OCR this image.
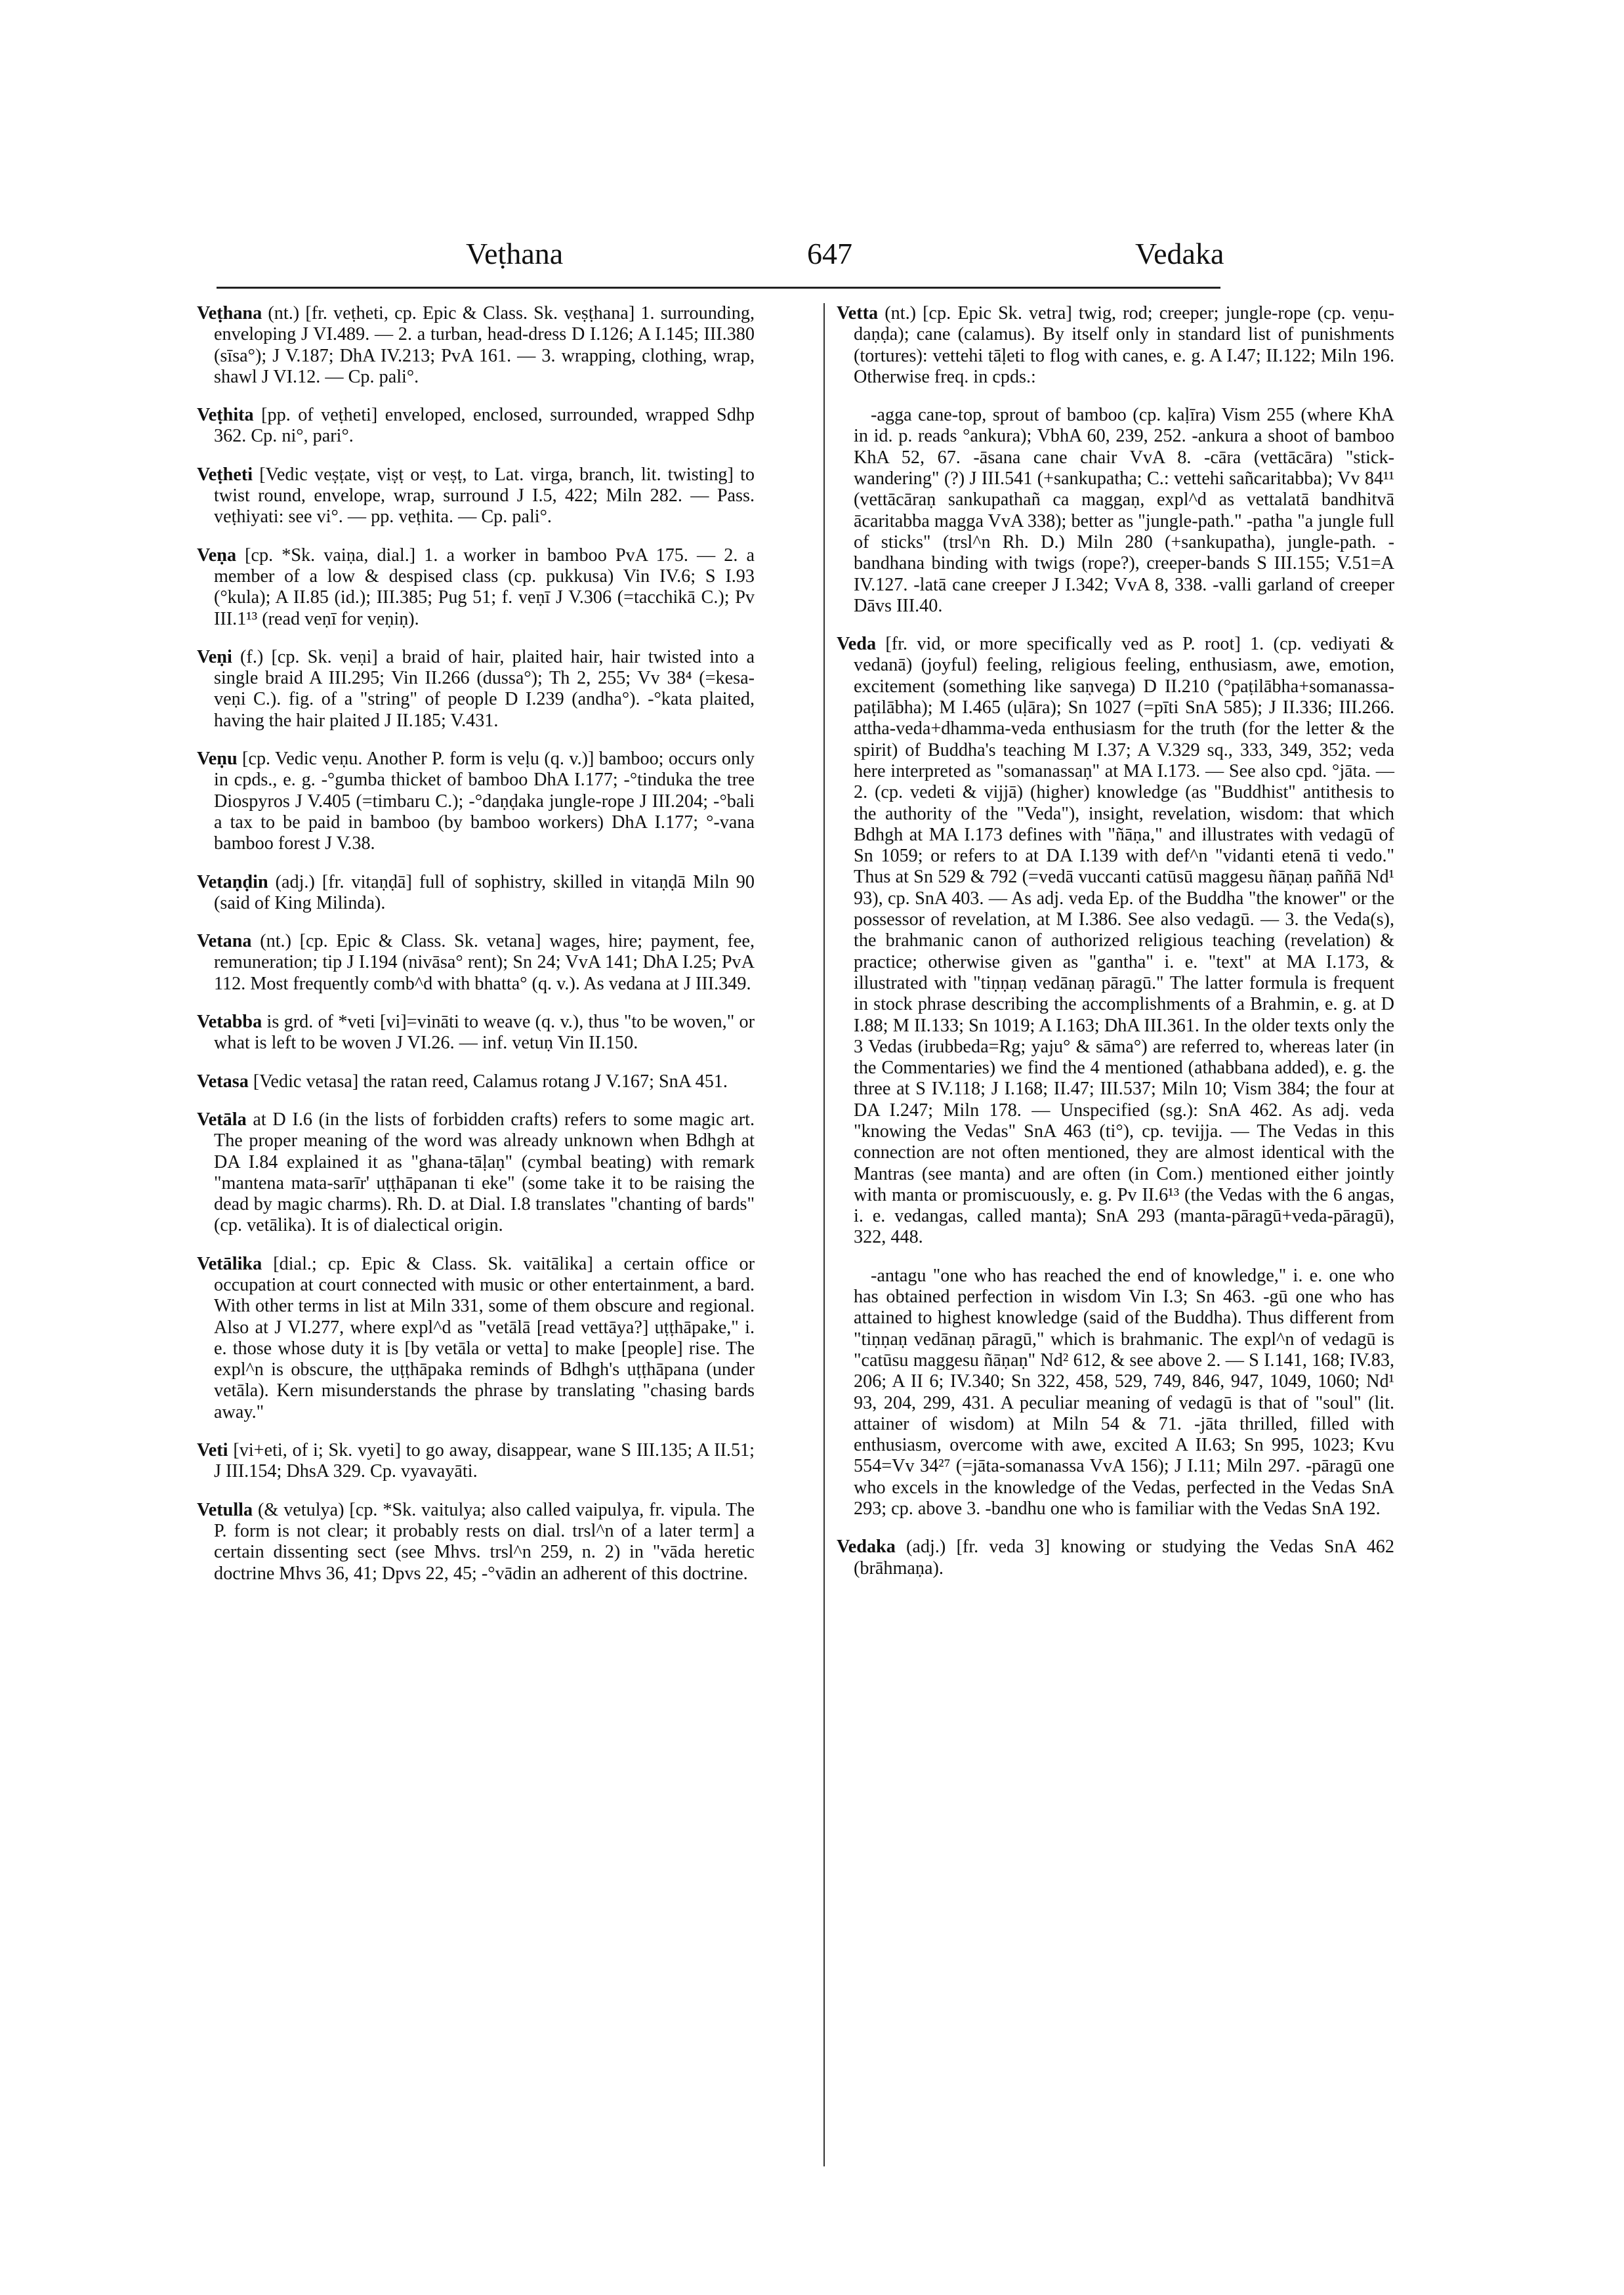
Veṭhana	647	Vedaka

Veṭhana (nt.) [fr. veṭheti, cp. Epic & Class. Sk. veṣṭhana] 1. surrounding, enveloping J VI.489. — 2. a turban, head-dress D I.126; A I.145; III.380 (sīsa°); J V.187; DhA IV.213; PvA 161. — 3. wrapping, clothing, wrap, shawl J VI.12. — Cp. pali°.

Veṭhita [pp. of veṭheti] enveloped, enclosed, surrounded, wrapped Sdhp 362. Cp. ni°, pari°.

Veṭheti [Vedic veṣṭate, viṣṭ or veṣṭ, to Lat. virga, branch, lit. twisting] to twist round, envelope, wrap, surround J I.5, 422; Miln 282. — Pass. veṭhiyati: see vi°. — pp. veṭhita. — Cp. pali°.

Veṇa [cp. *Sk. vaiṇa, dial.] 1. a worker in bamboo PvA 175. — 2. a member of a low & despised class (cp. pukkusa) Vin IV.6; S I.93 (°kula); A II.85 (id.); III.385; Pug 51; f. veṇī J V.306 (=tacchikā C.); Pv III.1¹³ (read veṇī for veṇiṇ).

Veṇi (f.) [cp. Sk. veṇi] a braid of hair, plaited hair, hair twisted into a single braid A III.295; Vin II.266 (dussa°); Th 2, 255; Vv 38⁴ (=kesa-veṇi C.). fig. of a "string" of people D I.239 (andha°). -°kata plaited, having the hair plaited J II.185; V.431.

Veṇu [cp. Vedic veṇu. Another P. form is veḷu (q. v.)] bamboo; occurs only in cpds., e. g. -°gumba thicket of bamboo DhA I.177; -°tinduka the tree Diospyros J V.405 (=timbaru C.); -°daṇḍaka jungle-rope J III.204; -°bali a tax to be paid in bamboo (by bamboo workers) DhA I.177; °-vana bamboo forest J V.38.

Vetaṇḍin (adj.) [fr. vitaṇḍā] full of sophistry, skilled in vitaṇḍā Miln 90 (said of King Milinda).

Vetana (nt.) [cp. Epic & Class. Sk. vetana] wages, hire; payment, fee, remuneration; tip J I.194 (nivāsa° rent); Sn 24; VvA 141; DhA I.25; PvA 112. Most frequently comb^d with bhatta° (q. v.). As vedana at J III.349.

Vetabba is grd. of *veti [vi]=vināti to weave (q. v.), thus "to be woven," or what is left to be woven J VI.26. — inf. vetuṇ Vin II.150.

Vetasa [Vedic vetasa] the ratan reed, Calamus rotang J V.167; SnA 451.

Vetāla at D I.6 (in the lists of forbidden crafts) refers to some magic art. The proper meaning of the word was already unknown when Bdhgh at DA I.84 explained it as "ghana-tāḷaṇ" (cymbal beating) with remark "mantena mata-sarīr' uṭṭhāpanan ti eke" (some take it to be raising the dead by magic charms). Rh. D. at Dial. I.8 translates "chanting of bards" (cp. vetālika). It is of dialectical origin.

Vetālika [dial.; cp. Epic & Class. Sk. vaitālika] a certain office or occupation at court connected with music or other entertainment, a bard. With other terms in list at Miln 331, some of them obscure and regional. Also at J VI.277, where expl^d as "vetālā [read vettāya?] uṭṭhāpake," i. e. those whose duty it is [by vetāla or vetta] to make [people] rise. The expl^n is obscure, the uṭṭhāpaka reminds of Bdhgh's uṭṭhāpana (under vetāla). Kern misunderstands the phrase by translating "chasing bards away."

Veti [vi+eti, of i; Sk. vyeti] to go away, disappear, wane S III.135; A II.51; J III.154; DhsA 329. Cp. vyavayāti.

Vetulla (& vetulya) [cp. *Sk. vaitulya; also called vaipulya, fr. vipula. The P. form is not clear; it probably rests on dial. trsl^n of a later term] a certain dissenting sect (see Mhvs. trsl^n 259, n. 2) in "vāda heretic doctrine Mhvs 36, 41; Dpvs 22, 45; -°vādin an adherent of this doctrine.

Vetta (nt.) [cp. Epic Sk. vetra] twig, rod; creeper; jungle-rope (cp. veṇu-daṇḍa); cane (calamus). By itself only in standard list of punishments (tortures): vettehi tāḷeti to flog with canes, e. g. A I.47; II.122; Miln 196. Otherwise freq. in cpds.:

-agga cane-top, sprout of bamboo (cp. kaḷīra) Vism 255 (where KhA in id. p. reads °ankura); VbhA 60, 239, 252. -ankura a shoot of bamboo KhA 52, 67. -āsana cane chair VvA 8. -cāra (vettācāra) "stick-wandering" (?) J III.541 (+sankupatha; C.: vettehi sañcaritabba); Vv 84¹¹ (vettācāraṇ sankupathañ ca maggaṇ, expl^d as vettalatā bandhitvā ācaritabba magga VvA 338); better as "jungle-path." -patha "a jungle full of sticks" (trsl^n Rh. D.) Miln 280 (+sankupatha), jungle-path. -bandhana binding with twigs (rope?), creeper-bands S III.155; V.51=A IV.127. -latā cane creeper J I.342; VvA 8, 338. -valli garland of creeper Dāvs III.40.

Veda [fr. vid, or more specifically ved as P. root] 1. (cp. vediyati & vedanā) (joyful) feeling, religious feeling, enthusiasm, awe, emotion, excitement (something like saṇvega) D II.210 (°paṭilābha+somanassa-paṭilābha); M I.465 (uḷāra); Sn 1027 (=pīti SnA 585); J II.336; III.266. attha-veda+dhamma-veda enthusiasm for the truth (for the letter & the spirit) of Buddha's teaching M I.37; A V.329 sq., 333, 349, 352; veda here interpreted as "somanassaṇ" at MA I.173. — See also cpd. °jāta. — 2. (cp. vedeti & vijjā) (higher) knowledge (as "Buddhist" antithesis to the authority of the "Veda"), insight, revelation, wisdom: that which Bdhgh at MA I.173 defines with "ñāṇa," and illustrates with vedagū of Sn 1059; or refers to at DA I.139 with def^n "vidanti etenā ti vedo." Thus at Sn 529 & 792 (=vedā vuccanti catūsū maggesu ñāṇaṇ paññā Nd¹ 93), cp. SnA 403. — As adj. veda Ep. of the Buddha "the knower" or the possessor of revelation, at M I.386. See also vedagū. — 3. the Veda(s), the brahmanic canon of authorized religious teaching (revelation) & practice; otherwise given as "gantha" i. e. "text" at MA I.173, & illustrated with "tiṇṇaṇ vedānaṇ pāragū." The latter formula is frequent in stock phrase describing the accomplishments of a Brahmin, e. g. at D I.88; M II.133; Sn 1019; A I.163; DhA III.361. In the older texts only the 3 Vedas (irubbeda=Rg; yaju° & sāma°) are referred to, whereas later (in the Commentaries) we find the 4 mentioned (athabbana added), e. g. the three at S IV.118; J I.168; II.47; III.537; Miln 10; Vism 384; the four at DA I.247; Miln 178. — Unspecified (sg.): SnA 462. As adj. veda "knowing the Vedas" SnA 463 (ti°), cp. tevijja. — The Vedas in this connection are not often mentioned, they are almost identical with the Mantras (see manta) and are often (in Com.) mentioned either jointly with manta or promiscuously, e. g. Pv II.6¹³ (the Vedas with the 6 angas, i. e. vedangas, called manta); SnA 293 (manta-pāragū+veda-pāragū), 322, 448.

-antagu "one who has reached the end of knowledge," i. e. one who has obtained perfection in wisdom Vin I.3; Sn 463. -gū one who has attained to highest knowledge (said of the Buddha). Thus different from "tiṇṇaṇ vedānaṇ pāragū," which is brahmanic. The expl^n of vedagū is "catūsu maggesu ñāṇaṇ" Nd² 612, & see above 2. — S I.141, 168; IV.83, 206; A II 6; IV.340; Sn 322, 458, 529, 749, 846, 947, 1049, 1060; Nd¹ 93, 204, 299, 431. A peculiar meaning of vedagū is that of "soul" (lit. attainer of wisdom) at Miln 54 & 71. -jāta thrilled, filled with enthusiasm, overcome with awe, excited A II.63; Sn 995, 1023; Kvu 554=Vv 34²⁷ (=jāta-somanassa VvA 156); J I.11; Miln 297. -pāragū one who excels in the knowledge of the Vedas, perfected in the Vedas SnA 293; cp. above 3. -bandhu one who is familiar with the Vedas SnA 192.

Vedaka (adj.) [fr. veda 3] knowing or studying the Vedas SnA 462 (brāhmaṇa).
